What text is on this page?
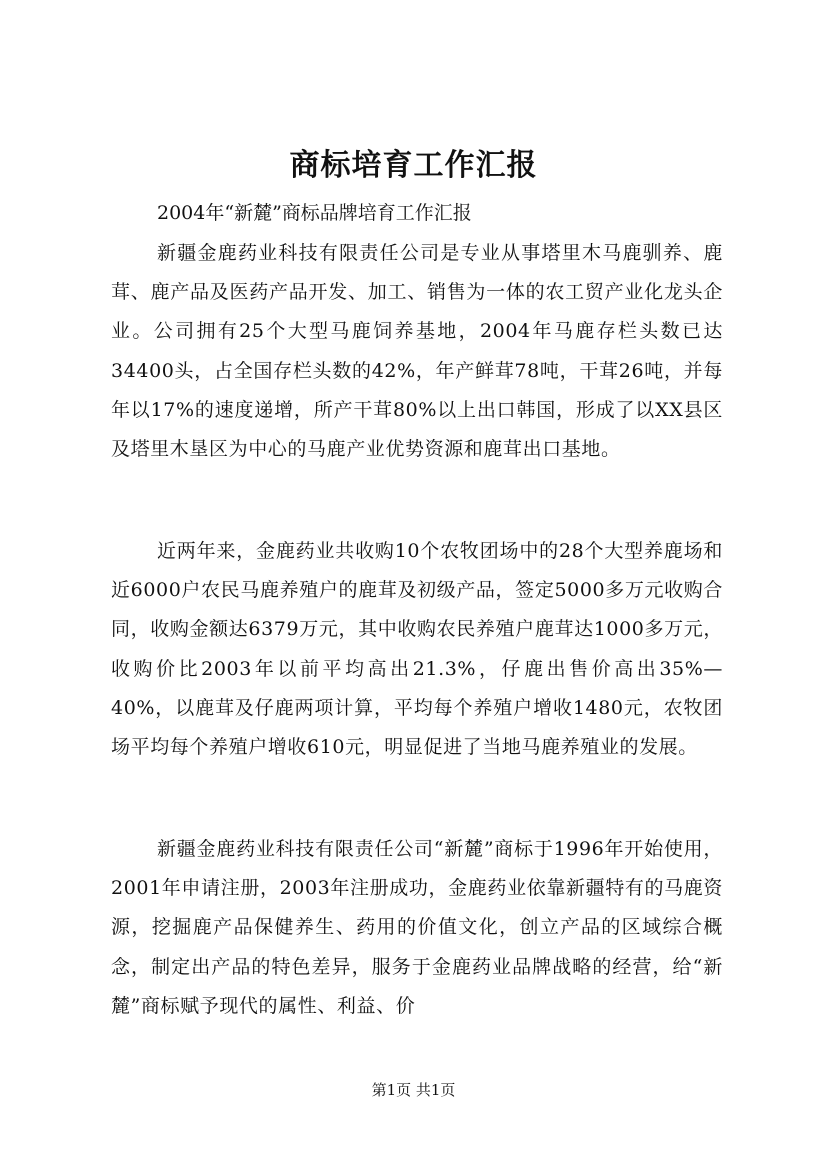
商标培育工作汇报

2004年“新麓”商标品牌培育工作汇报

新疆金鹿药业科技有限责任公司是专业从事塔里木马鹿驯养、鹿茸、鹿产品及医药产品开发、加工、销售为一体的农工贸产业化龙头企业。公司拥有25个大型马鹿饲养基地，2004年马鹿存栏头数已达34400头，占全国存栏头数的42%，年产鲜茸78吨，干茸26吨，并每年以17%的速度递增，所产干茸80%以上出口韩国，形成了以XX县区及塔里木垦区为中心的马鹿产业优势资源和鹿茸出口基地。

近两年来，金鹿药业共收购10个农牧团场中的28个大型养鹿场和近6000户农民马鹿养殖户的鹿茸及初级产品，签定5000多万元收购合同，收购金额达6379万元，其中收购农民养殖户鹿茸达1000多万元，收购价比2003年以前平均高出21.3%，仔鹿出售价高出35%—40%，以鹿茸及仔鹿两项计算，平均每个养殖户增收1480元，农牧团场平均每个养殖户增收610元，明显促进了当地马鹿养殖业的发展。

新疆金鹿药业科技有限责任公司“新麓”商标于1996年开始使用，2001年申请注册，2003年注册成功，金鹿药业依靠新疆特有的马鹿资源，挖掘鹿产品保健养生、药用的价值文化，创立产品的区域综合概念，制定出产品的特色差异，服务于金鹿药业品牌战略的经营，给“新麓”商标赋予现代的属性、利益、价

第1页 共1页
